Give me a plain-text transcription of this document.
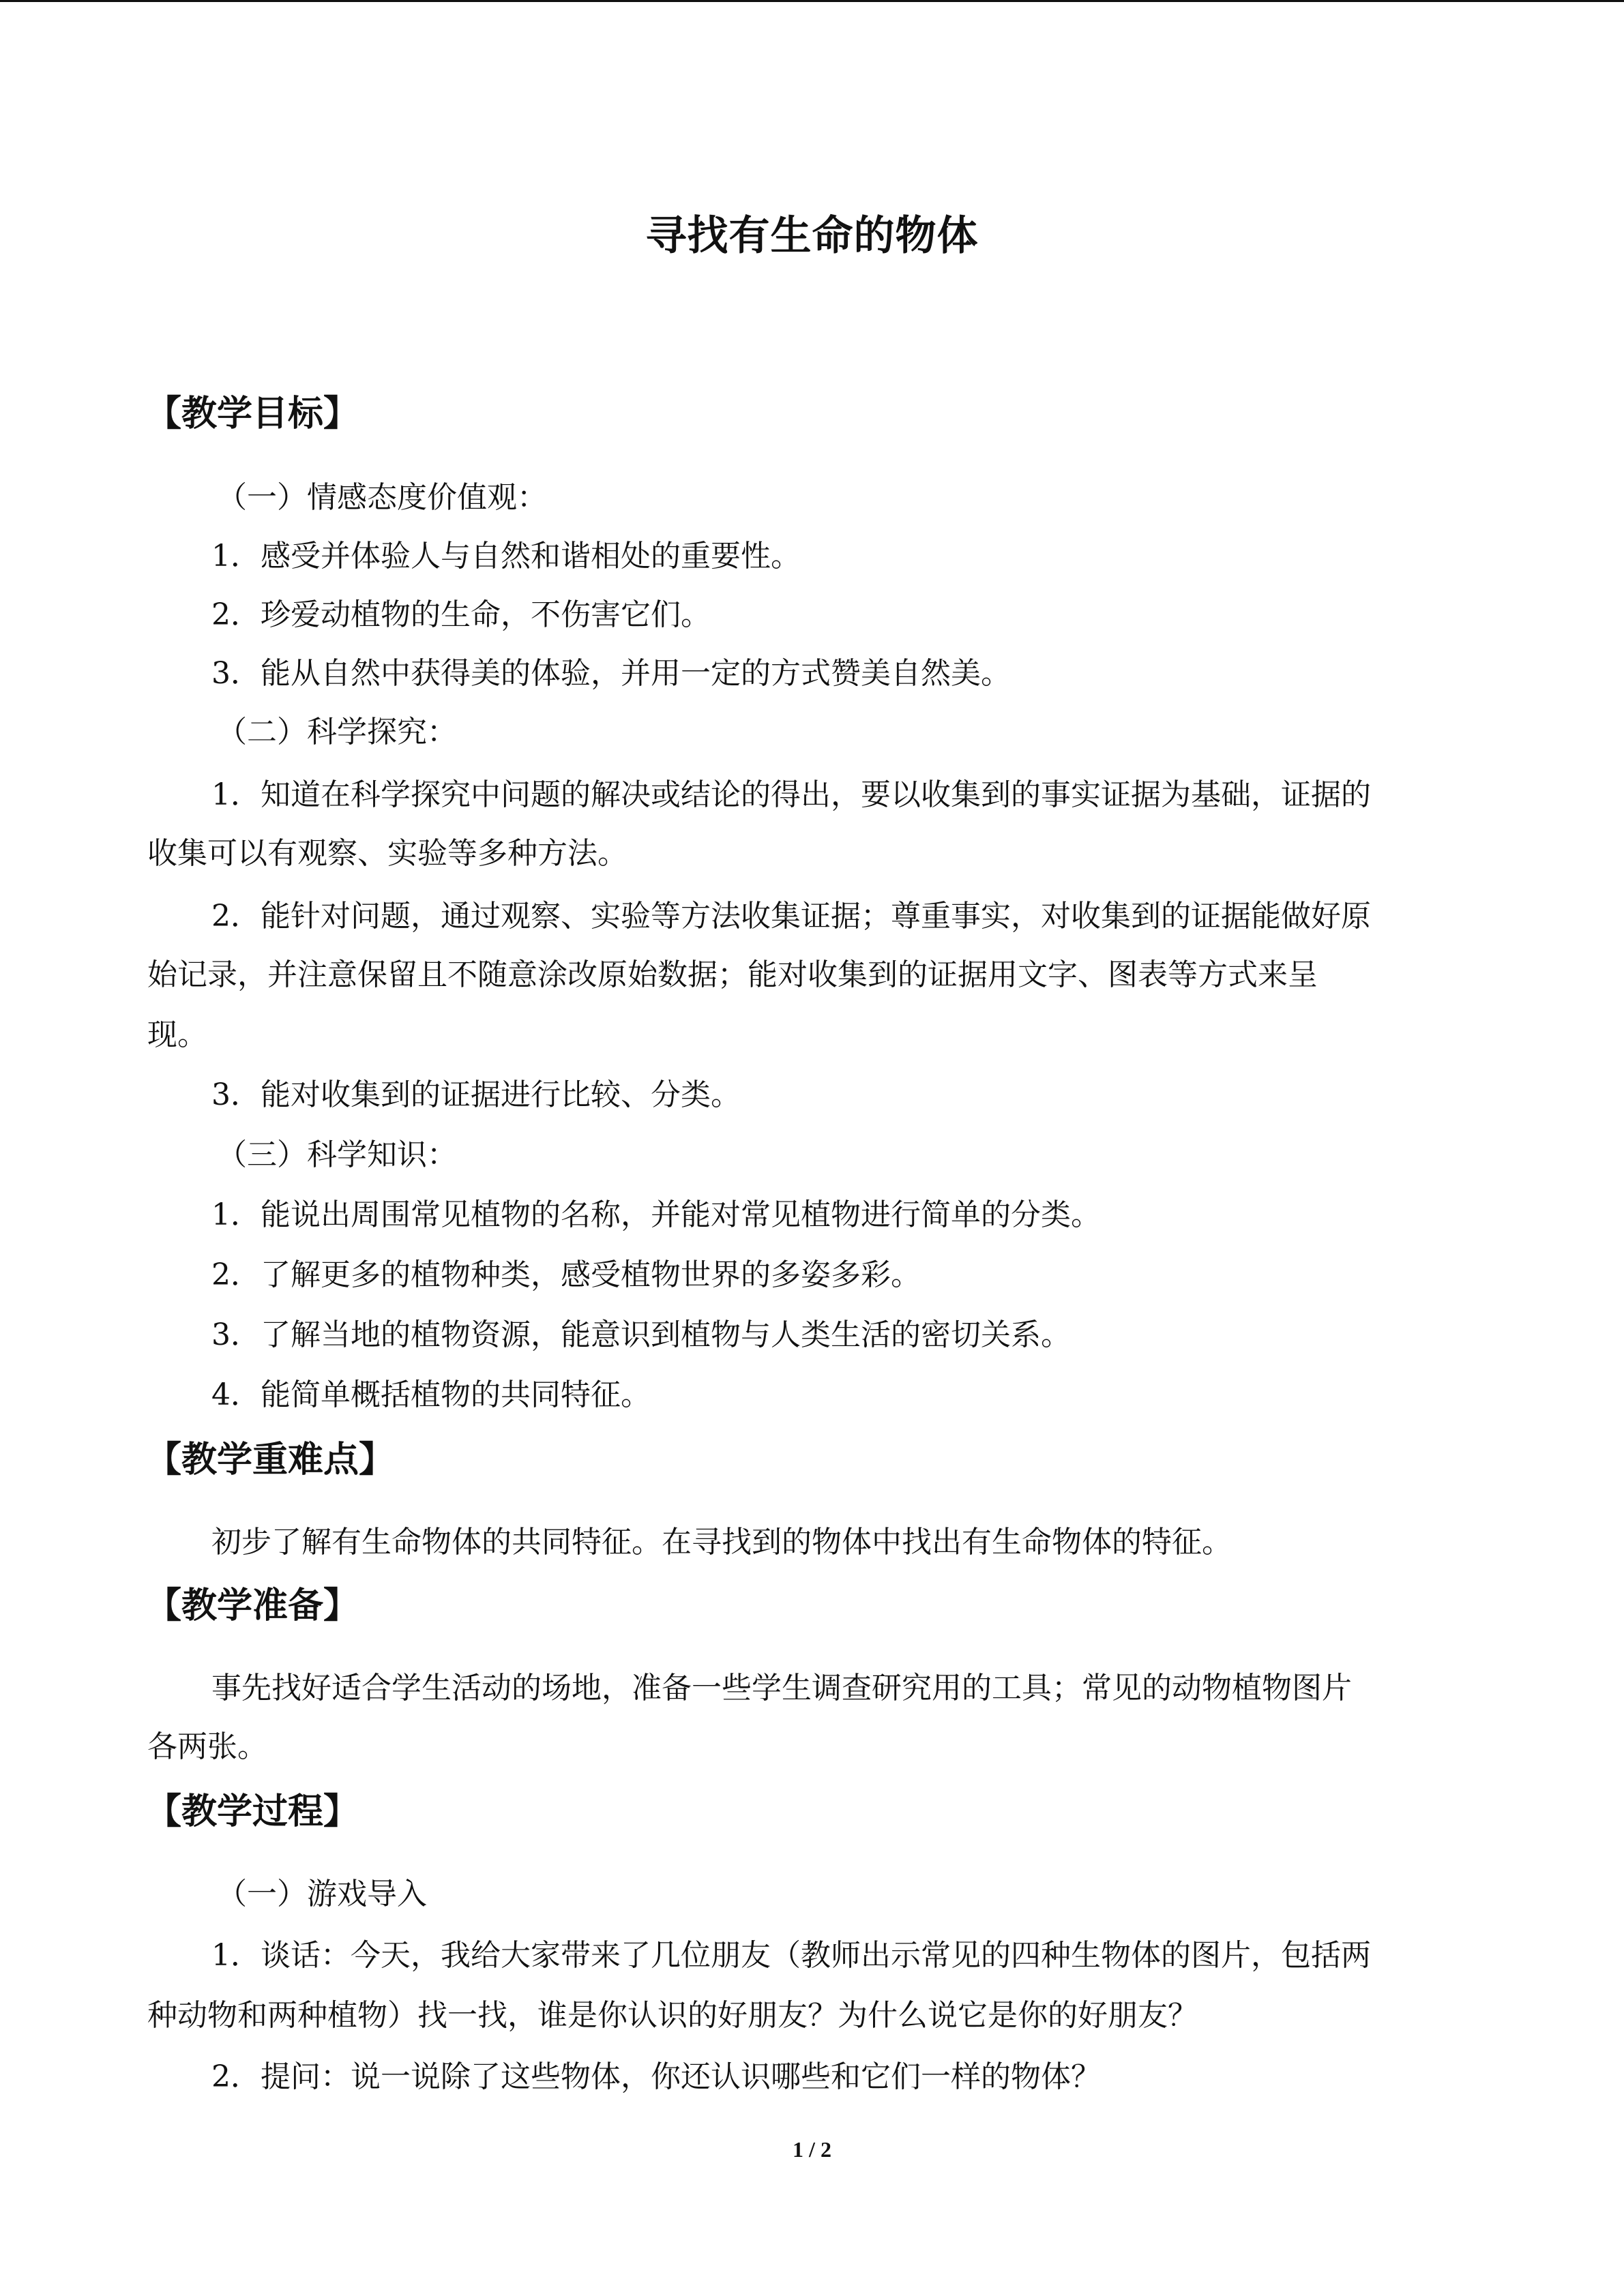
寻找有生命的物体
【教学目标】
（一）情感态度价值观：
1．感受并体验人与自然和谐相处的重要性。
2．珍爱动植物的生命，不伤害它们。
3．能从自然中获得美的体验，并用一定的方式赞美自然美。
（二）科学探究：
1．知道在科学探究中问题的解决或结论的得出，要以收集到的事实证据为基础，证据的
收集可以有观察、实验等多种方法。
2．能针对问题，通过观察、实验等方法收集证据；尊重事实，对收集到的证据能做好原
始记录，并注意保留且不随意涂改原始数据；能对收集到的证据用文字、图表等方式来呈
现。
3．能对收集到的证据进行比较、分类。
（三）科学知识：
1．能说出周围常见植物的名称，并能对常见植物进行简单的分类。
2．了解更多的植物种类，感受植物世界的多姿多彩。
3．了解当地的植物资源，能意识到植物与人类生活的密切关系。
4．能简单概括植物的共同特征。
【教学重难点】
初步了解有生命物体的共同特征。在寻找到的物体中找出有生命物体的特征。
【教学准备】
事先找好适合学生活动的场地，准备一些学生调查研究用的工具；常见的动物植物图片
各两张。
【教学过程】
（一）游戏导入
1．谈话：今天，我给大家带来了几位朋友（教师出示常见的四种生物体的图片，包括两
种动物和两种植物）找一找，谁是你认识的好朋友？为什么说它是你的好朋友？
2．提问：说一说除了这些物体，你还认识哪些和它们一样的物体？
1 / 2
